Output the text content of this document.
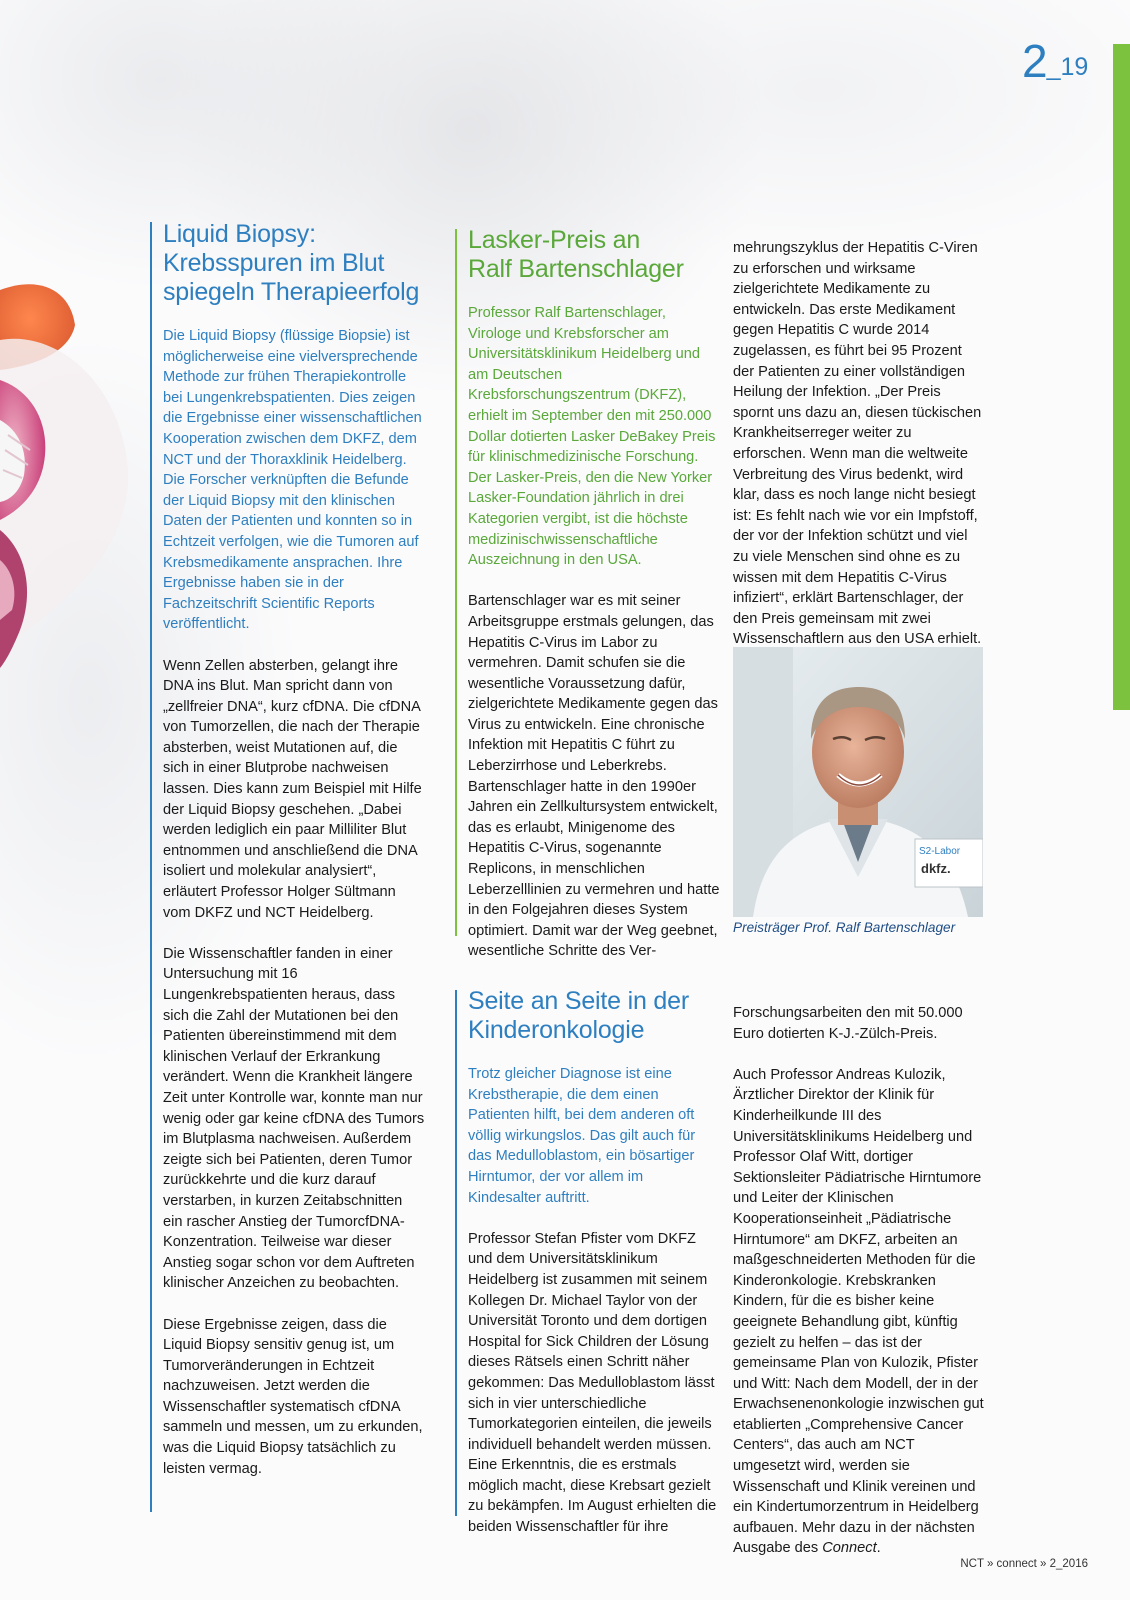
2_19
Liquid Biopsy: Krebsspuren im Blut spiegeln Therapieerfolg

Die Liquid Biopsy (flüssige Biopsie) ist möglicherweise eine vielversprechende Methode zur frühen Therapiekontrolle bei Lungenkrebspatienten. Dies zeigen die Ergebnisse einer wissenschaftlichen Kooperation zwischen dem DKFZ, dem NCT und der Thoraxklinik Heidelberg. Die Forscher verknüpften die Befunde der Liquid Biopsy mit den klinischen Daten der Patienten und konnten so in Echtzeit verfolgen, wie die Tumoren auf Krebsmedikamente ansprachen. Ihre Ergebnisse haben sie in der Fachzeitschrift Scientific Reports veröffentlicht.

Wenn Zellen absterben, gelangt ihre DNA ins Blut. Man spricht dann von „zellfreier DNA“, kurz cfDNA. Die cfDNA von Tumorzellen, die nach der Therapie absterben, weist Mutationen auf, die sich in einer Blutprobe nachweisen lassen. Dies kann zum Beispiel mit Hilfe der Liquid Biopsy geschehen. „Dabei werden lediglich ein paar Milliliter Blut entnommen und anschließend die DNA isoliert und molekular analysiert“, erläutert Professor Holger Sültmann vom DKFZ und NCT Heidelberg.

Die Wissenschaftler fanden in einer Untersuchung mit 16 Lungenkrebspatienten heraus, dass sich die Zahl der Mutationen bei den Patienten übereinstimmend mit dem klinischen Verlauf der Erkrankung verändert. Wenn die Krankheit längere Zeit unter Kontrolle war, konnte man nur wenig oder gar keine cfDNA des Tumors im Blutplasma nachweisen. Außerdem zeigte sich bei Patienten, deren Tumor zurückkehrte und die kurz darauf verstarben, in kurzen Zeitabschnitten ein rascher Anstieg der TumorcfDNA-Konzentration. Teilweise war dieser Anstieg sogar schon vor dem Auftreten klinischer Anzeichen zu beobachten.

Diese Ergebnisse zeigen, dass die Liquid Biopsy sensitiv genug ist, um Tumorveränderungen in Echtzeit nachzuweisen. Jetzt werden die Wissenschaftler systematisch cfDNA sammeln und messen, um zu erkunden, was die Liquid Biopsy tatsächlich zu leisten vermag.

Lasker-Preis an
Ralf Bartenschlager

Professor Ralf Bartenschlager, Virologe und Krebsforscher am Universitätsklinikum Heidelberg und am Deutschen Krebsforschungszentrum (DKFZ), erhielt im September den mit 250.000 Dollar dotierten Lasker DeBakey Preis für klinischmedizinische Forschung. Der Lasker-Preis, den die New Yorker Lasker-Foundation jährlich in drei Kategorien vergibt, ist die höchste medizinischwissenschaftliche Auszeichnung in den USA.

Bartenschlager war es mit seiner Arbeitsgruppe erstmals gelungen, das Hepatitis C-Virus im Labor zu vermehren. Damit schufen sie die wesentliche Voraussetzung dafür, zielgerichtete Medikamente gegen das Virus zu entwickeln. Eine chronische Infektion mit Hepatitis C führt zu Leberzirrhose und Leberkrebs. Bartenschlager hatte in den 1990er Jahren ein Zellkultursystem entwickelt, das es erlaubt, Minigenome des Hepatitis C-Virus, sogenannte Replicons, in menschlichen Leberzelllinien zu vermehren und hatte in den Folgejahren dieses System optimiert. Damit war der Weg geebnet, wesentliche Schritte des Ver-

mehrungszyklus der Hepatitis C-Viren zu erforschen und wirksame zielgerichtete Medikamente zu entwickeln. Das erste Medikament gegen Hepatitis C wurde 2014 zugelassen, es führt bei 95 Prozent der Patienten zu einer vollständigen Heilung der Infektion. „Der Preis spornt uns dazu an, diesen tückischen Krankheitserreger weiter zu erforschen. Wenn man die weltweite Verbreitung des Virus bedenkt, wird klar, dass es noch lange nicht besiegt ist: Es fehlt nach wie vor ein Impfstoff, der vor der Infektion schützt und viel zu viele Menschen sind ohne es zu wissen mit dem Hepatitis C-Virus infiziert“, erklärt Bartenschlager, der den Preis gemeinsam mit zwei Wissenschaftlern aus den USA erhielt.

S2-Labor
dkfz.
Preisträger Prof. Ralf Bartenschlager
Seite an Seite in der
Kinderonkologie

Trotz gleicher Diagnose ist eine Krebstherapie, die dem einen Patienten hilft, bei dem anderen oft völlig wirkungslos. Das gilt auch für das Medulloblastom, ein bösartiger Hirntumor, der vor allem im Kindesalter auftritt.

Professor Stefan Pfister vom DKFZ und dem Universitätsklinikum Heidelberg ist zusammen mit seinem Kollegen Dr. Michael Taylor von der Universität Toronto und dem dortigen Hospital for Sick Children der Lösung dieses Rätsels einen Schritt näher gekommen: Das Medulloblastom lässt sich in vier unterschiedliche Tumorkategorien einteilen, die jeweils individuell behandelt werden müssen. Eine Erkenntnis, die es erstmals möglich macht, diese Krebsart gezielt zu bekämpfen. Im August erhielten die beiden Wissenschaftler für ihre

Forschungsarbeiten den mit 50.000 Euro dotierten K-J.-Zülch-Preis.

Auch Professor Andreas Kulozik, Ärztlicher Direktor der Klinik für Kinderheilkunde III des Universitätsklinikums Heidelberg und Professor Olaf Witt, dortiger Sektionsleiter Pädiatrische Hirntumore und Leiter der Klinischen Kooperationseinheit „Pädiatrische Hirntumore“ am DKFZ, arbeiten an maßgeschneiderten Methoden für die Kinderonkologie. Krebskranken Kindern, für die es bisher keine geeignete Behandlung gibt, künftig gezielt zu helfen – das ist der gemeinsame Plan von Kulozik, Pfister und Witt: Nach dem Modell, der in der Erwachsenenonkologie inzwischen gut etablierten „Comprehensive Cancer Centers“, das auch am NCT umgesetzt wird, werden sie Wissenschaft und Klinik vereinen und ein Kindertumorzentrum in Heidelberg aufbauen. Mehr dazu in der nächsten Ausgabe des Connect.

NCT » connect » 2_2016
